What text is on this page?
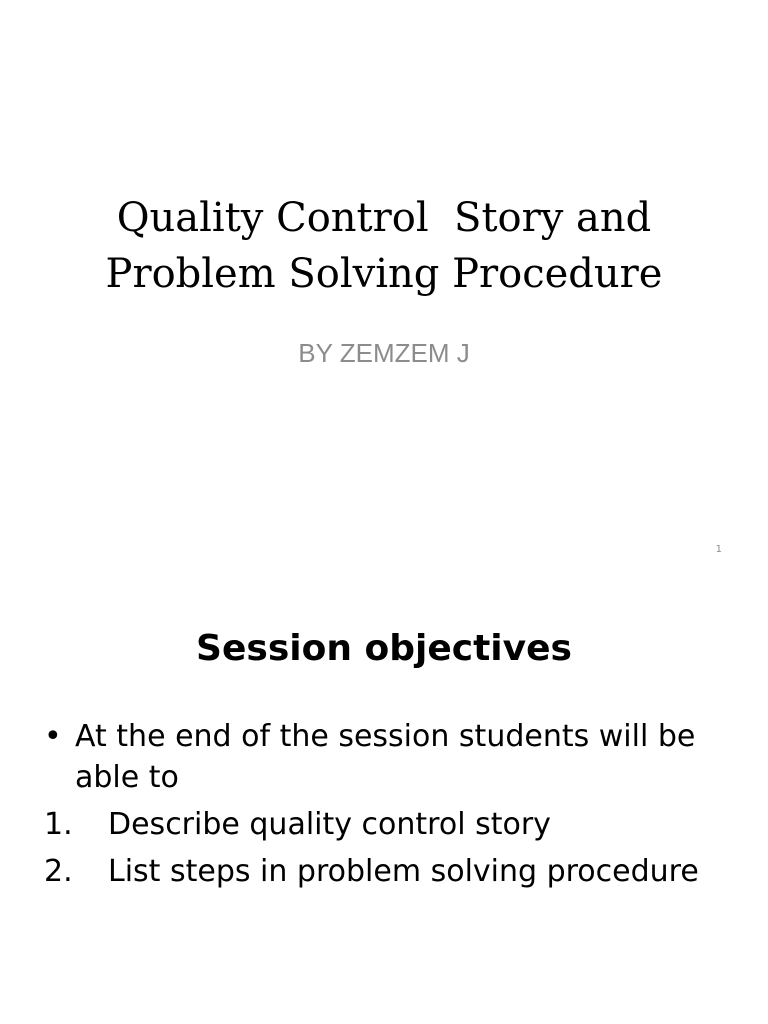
Quality Control  Story and
Problem Solving Procedure
BY ZEMZEM J
1
Session objectives
• At the end of the session students will be able to
1.	Describe quality control story
2.	List steps in problem solving procedure
